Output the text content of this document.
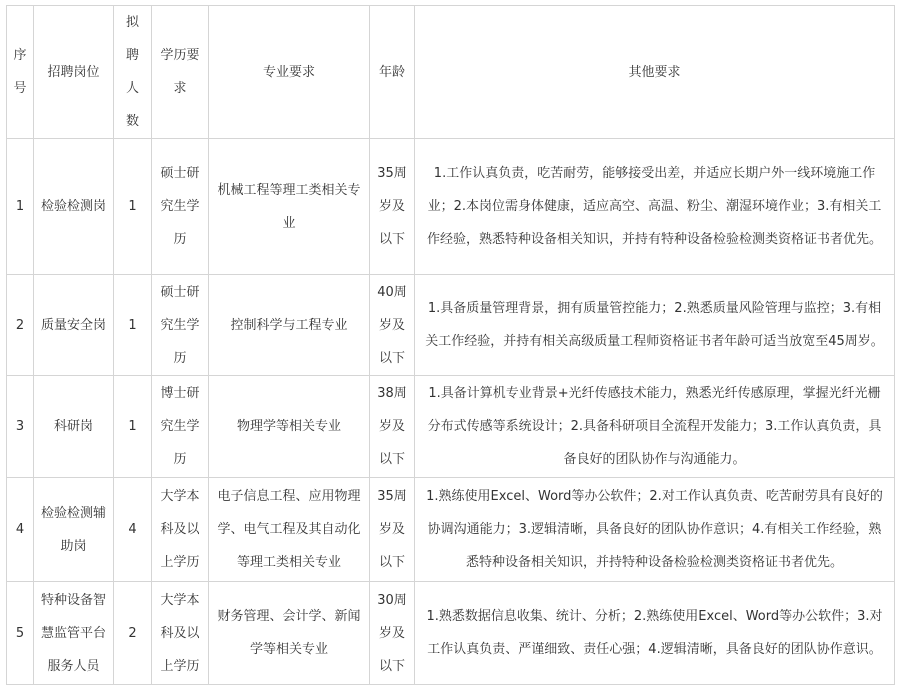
序号	招聘岗位	拟聘人数	学历要求	专业要求	年龄	其他要求
1	检验检测岗	1	硕士研究生学历	机械工程等理工类相关专业	35周岁及以下	1.工作认真负责，吃苦耐劳，能够接受出差，并适应长期户外一线环境施工作业；2.本岗位需身体健康，适应高空、高温、粉尘、潮湿环境作业；3.有相关工作经验，熟悉特种设备相关知识，并持有特种设备检验检测类资格证书者优先。
2	质量安全岗	1	硕士研究生学历	控制科学与工程专业	40周岁及以下	1.具备质量管理背景，拥有质量管控能力；2.熟悉质量风险管理与监控；3.有相关工作经验，并持有相关高级质量工程师资格证书者年龄可适当放宽至45周岁。
3	科研岗	1	博士研究生学历	物理学等相关专业	38周岁及以下	1.具备计算机专业背景+光纤传感技术能力，熟悉光纤传感原理，掌握光纤光栅分布式传感等系统设计；2.具备科研项目全流程开发能力；3.工作认真负责，具备良好的团队协作与沟通能力。
4	检验检测辅助岗	4	大学本科及以上学历	电子信息工程、应用物理学、电气工程及其自动化等理工类相关专业	35周岁及以下	1.熟练使用Excel、Word等办公软件；2.对工作认真负责、吃苦耐劳具有良好的协调沟通能力；3.逻辑清晰，具备良好的团队协作意识；4.有相关工作经验，熟悉特种设备相关知识，并持特种设备检验检测类资格证书者优先。
5	特种设备智慧监管平台服务人员	2	大学本科及以上学历	财务管理、会计学、新闻学等相关专业	30周岁及以下	1.熟悉数据信息收集、统计、分析；2.熟练使用Excel、Word等办公软件；3.对工作认真负责、严谨细致、责任心强；4.逻辑清晰，具备良好的团队协作意识。
